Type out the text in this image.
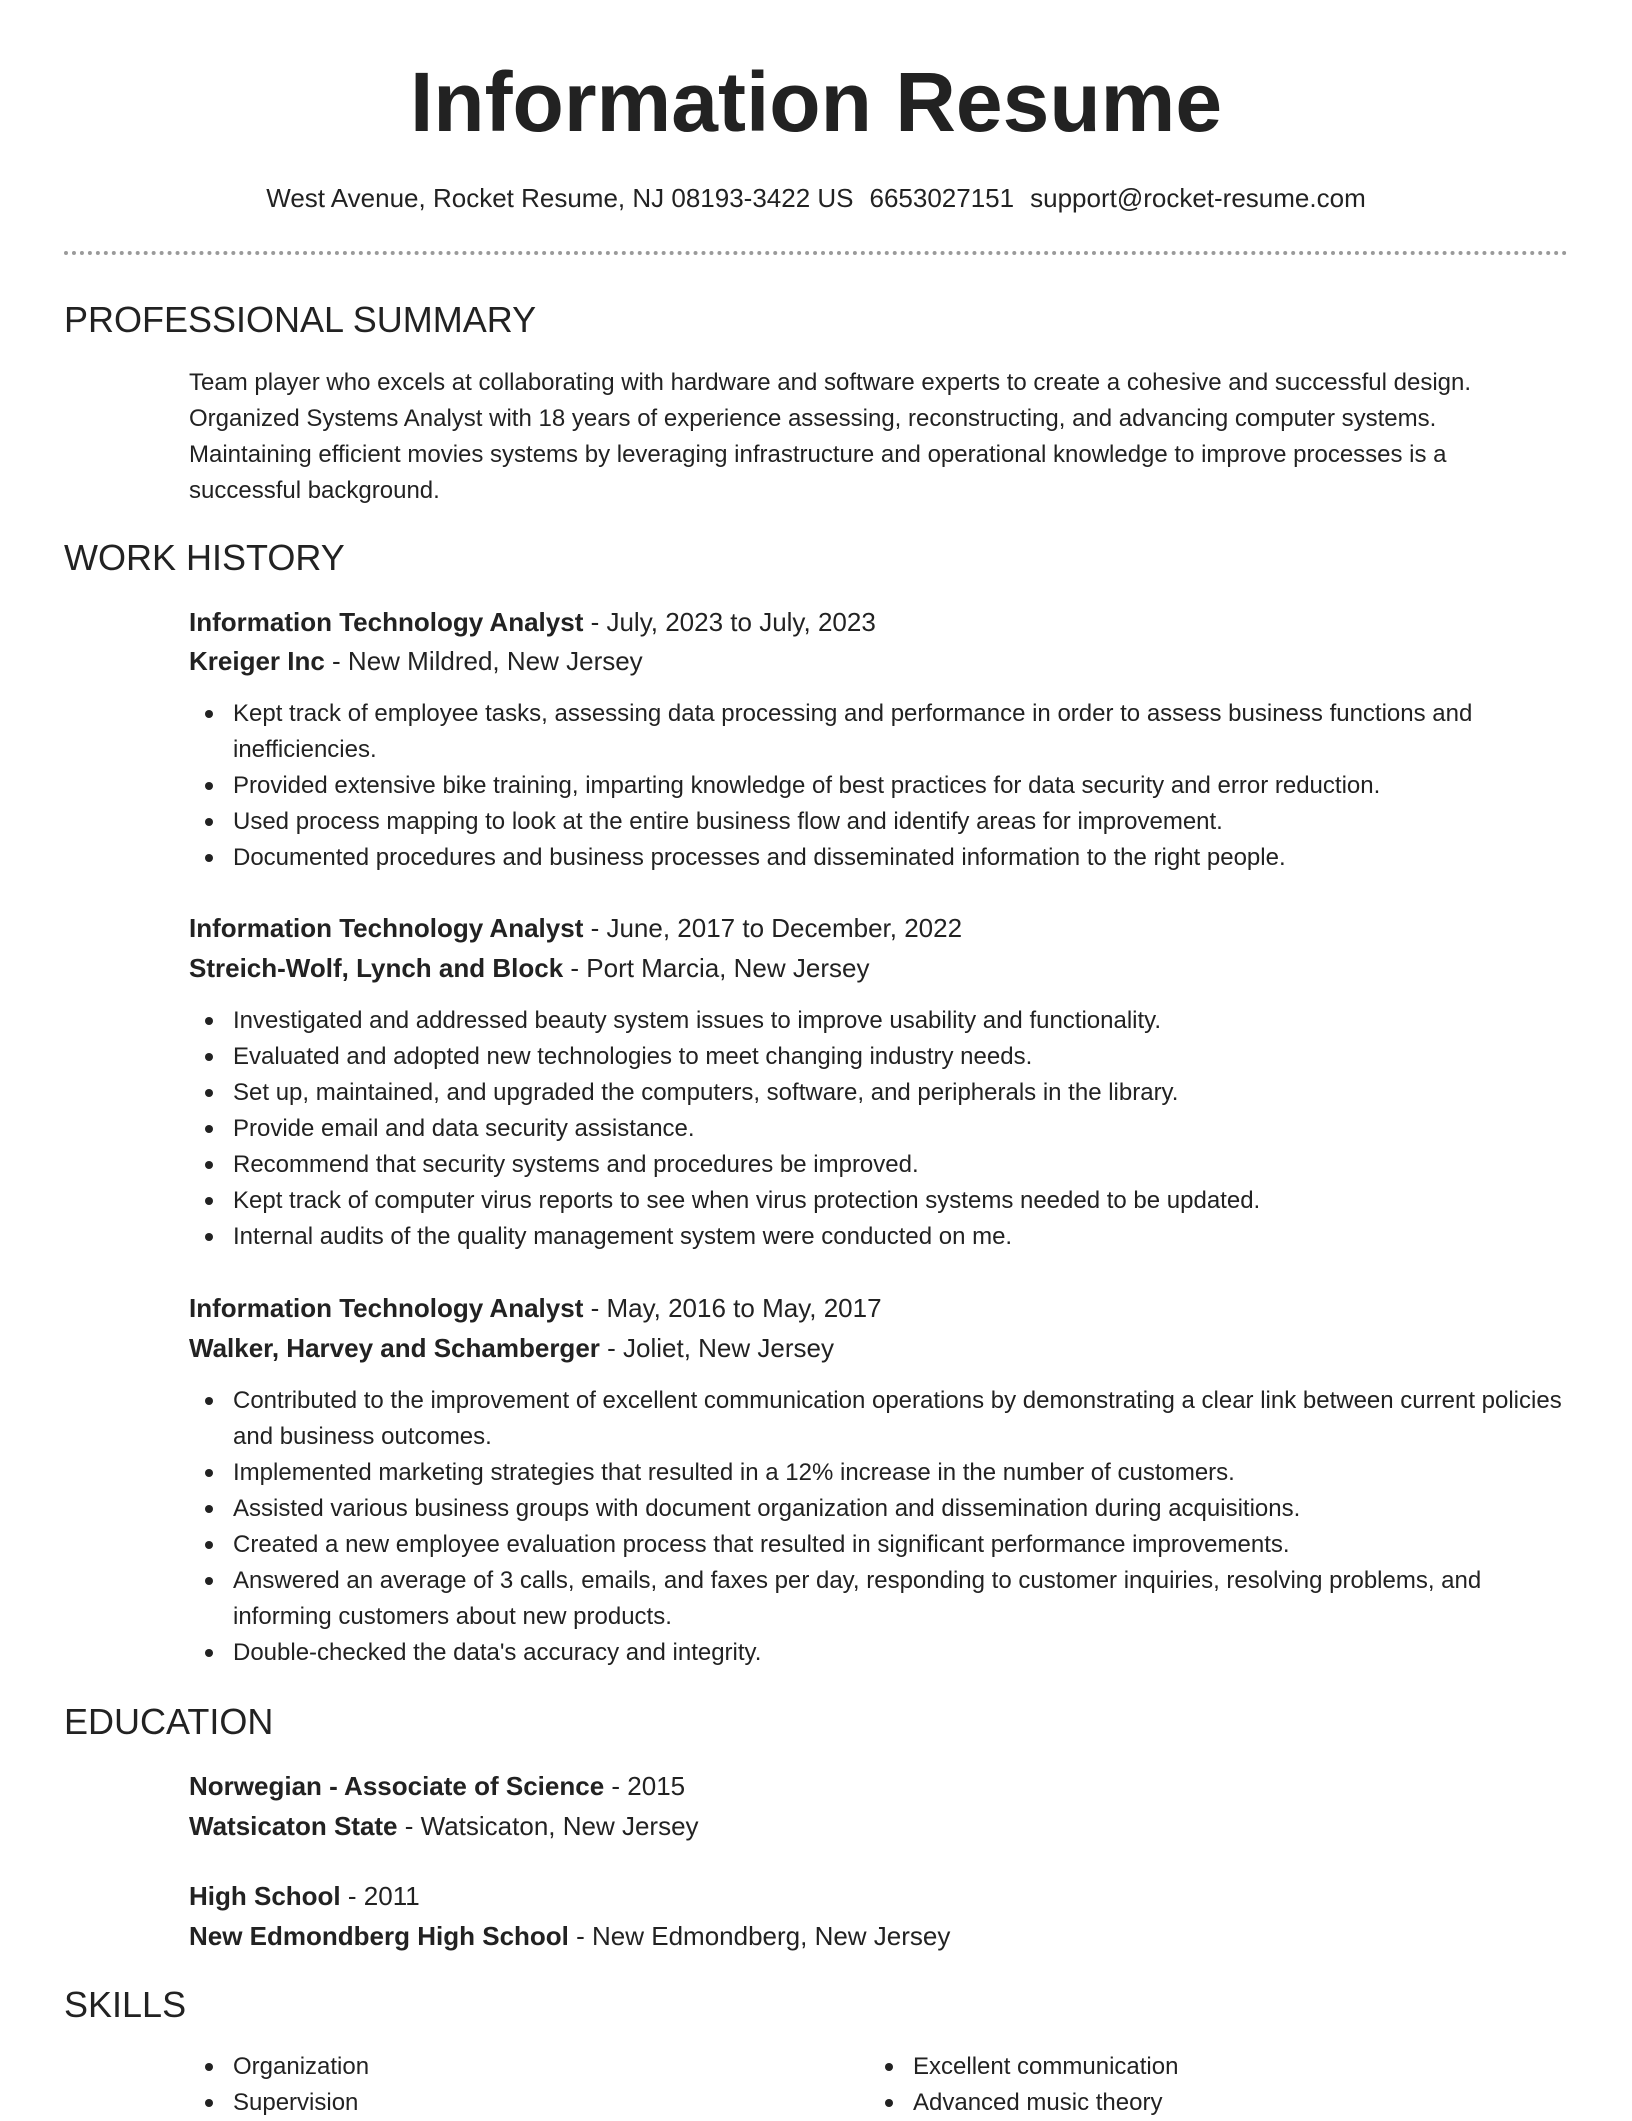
Information Resume
West Avenue, Rocket Resume, NJ 08193-3422 US 6653027151 support@rocket-resume.com
PROFESSIONAL SUMMARY
Team player who excels at collaborating with hardware and software experts to create a cohesive and successful design. Organized Systems Analyst with 18 years of experience assessing, reconstructing, and advancing computer systems. Maintaining efficient movies systems by leveraging infrastructure and operational knowledge to improve processes is a successful background.
WORK HISTORY
Information Technology Analyst - July, 2023 to July, 2023
Kreiger Inc - New Mildred, New Jersey
Kept track of employee tasks, assessing data processing and performance in order to assess business functions and inefficiencies.
Provided extensive bike training, imparting knowledge of best practices for data security and error reduction.
Used process mapping to look at the entire business flow and identify areas for improvement.
Documented procedures and business processes and disseminated information to the right people.
Information Technology Analyst - June, 2017 to December, 2022
Streich-Wolf, Lynch and Block - Port Marcia, New Jersey
Investigated and addressed beauty system issues to improve usability and functionality.
Evaluated and adopted new technologies to meet changing industry needs.
Set up, maintained, and upgraded the computers, software, and peripherals in the library.
Provide email and data security assistance.
Recommend that security systems and procedures be improved.
Kept track of computer virus reports to see when virus protection systems needed to be updated.
Internal audits of the quality management system were conducted on me.
Information Technology Analyst - May, 2016 to May, 2017
Walker, Harvey and Schamberger - Joliet, New Jersey
Contributed to the improvement of excellent communication operations by demonstrating a clear link between current policies and business outcomes.
Implemented marketing strategies that resulted in a 12% increase in the number of customers.
Assisted various business groups with document organization and dissemination during acquisitions.
Created a new employee evaluation process that resulted in significant performance improvements.
Answered an average of 3 calls, emails, and faxes per day, responding to customer inquiries, resolving problems, and informing customers about new products.
Double-checked the data's accuracy and integrity.
EDUCATION
Norwegian - Associate of Science - 2015
Watsicaton State - Watsicaton, New Jersey
High School - 2011
New Edmondberg High School - New Edmondberg, New Jersey
SKILLS
Organization
Supervision
Excellent communication
Advanced music theory
